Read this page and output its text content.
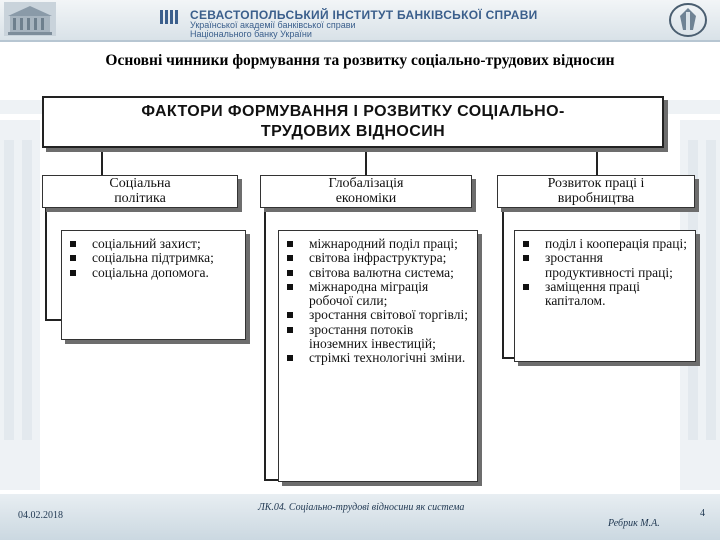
СЕВАСТОПОЛЬСЬКИЙ ІНСТИТУТ БАНКІВСЬКОЇ СПРАВИ
Української академії банківської справи
Національного банку України
Основні чинники формування та розвитку соціально-трудових відносин
ФАКТОРИ ФОРМУВАННЯ І РОЗВИТКУ СОЦІАЛЬНО-
ТРУДОВИХ ВІДНОСИН
Соціальна
політика
Глобалізація
економіки
Розвиток праці і
виробництва
соціальний захист;
соціальна підтримка;
соціальна допомога.
міжнародний поділ праці;
світова інфраструктура;
світова валютна система;
міжнародна міграція робочої сили;
зростання світової торгівлі;
зростання потоків іноземних інвестицій;
стрімкі технологічні зміни.
поділ і кооперація праці;
зростання продуктивності праці;
заміщення праці капіталом.
04.02.2018
ЛК.04. Соціально-трудові відносини як система
Ребрик М.А.
4
